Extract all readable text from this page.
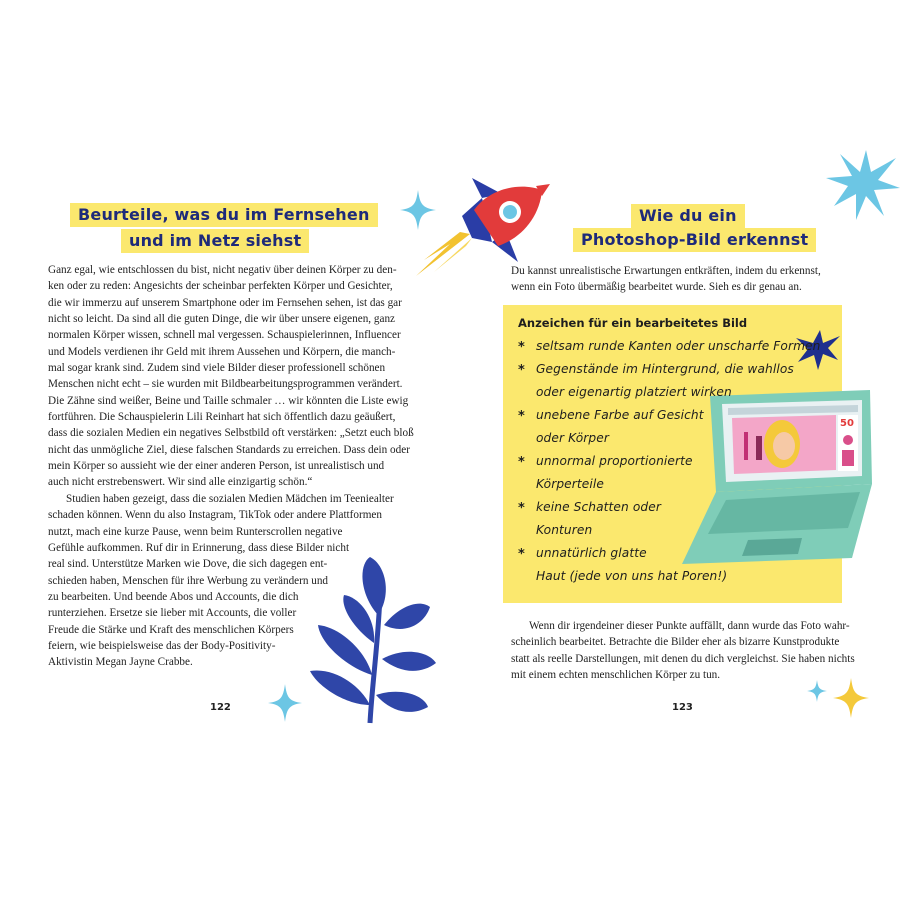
Beurteile, was du im Fernsehen
und im Netz siehst
Ganz egal, wie entschlossen du bist, nicht negativ über deinen Körper zu den-
ken oder zu reden: Angesichts der scheinbar perfekten Körper und Gesichter,
die wir immerzu auf unserem Smartphone oder im Fernsehen sehen, ist das gar
nicht so leicht. Da sind all die guten Dinge, die wir über unsere eigenen, ganz
normalen Körper wissen, schnell mal vergessen. Schauspielerinnen, Influencer
und Models verdienen ihr Geld mit ihrem Aussehen und Körpern, die manch-
mal sogar krank sind. Zudem sind viele Bilder dieser professionell schönen
Menschen nicht echt – sie wurden mit Bildbearbeitungsprogrammen verändert.
Die Zähne sind weißer, Beine und Taille schmaler … wir könnten die Liste ewig
fortführen. Die Schauspielerin Lili Reinhart hat sich öffentlich dazu geäußert,
dass die sozialen Medien ein negatives Selbstbild oft verstärken: „Setzt euch bloß
nicht das unmögliche Ziel, diese falschen Standards zu erreichen. Dass dein oder
mein Körper so aussieht wie der einer anderen Person, ist unrealistisch und
auch nicht erstrebenswert. Wir sind alle einzigartig schön.“
Studien haben gezeigt, dass die sozialen Medien Mädchen im Teeniealter
schaden können. Wenn du also Instagram, TikTok oder andere Plattformen
nutzt, mach eine kurze Pause, wenn beim Runterscrollen negative
Gefühle aufkommen. Ruf dir in Erinnerung, dass diese Bilder nicht
real sind. Unterstütze Marken wie Dove, die sich dagegen ent-
schieden haben, Menschen für ihre Werbung zu verändern und
zu bearbeiten. Und beende Abos und Accounts, die dich
runterziehen. Ersetze sie lieber mit Accounts, die voller
Freude die Stärke und Kraft des menschlichen Körpers
feiern, wie beispielsweise das der Body-Positivity-
Aktivistin Megan Jayne Crabbe.
122
Wie du ein
Photoshop-Bild erkennst
Du kannst unrealistische Erwartungen entkräften, indem du erkennst,
wenn ein Foto übermäßig bearbeitet wurde. Sieh es dir genau an.
Anzeichen für ein bearbeitetes Bild
50
* seltsam runde Kanten oder unscharfe Formen
* Gegenstände im Hintergrund, die wahllos
oder eigenartig platziert wirken
* unebene Farbe auf Gesicht
oder Körper
* unnormal proportionierte
Körperteile
* keine Schatten oder
Konturen
* unnatürlich glatte
Haut (jede von uns hat Poren!)
Wenn dir irgendeiner dieser Punkte auffällt, dann wurde das Foto wahr-
scheinlich bearbeitet. Betrachte die Bilder eher als bizarre Kunstprodukte
statt als reelle Darstellungen, mit denen du dich vergleichst. Sie haben nichts
mit einem echten menschlichen Körper zu tun.
123
